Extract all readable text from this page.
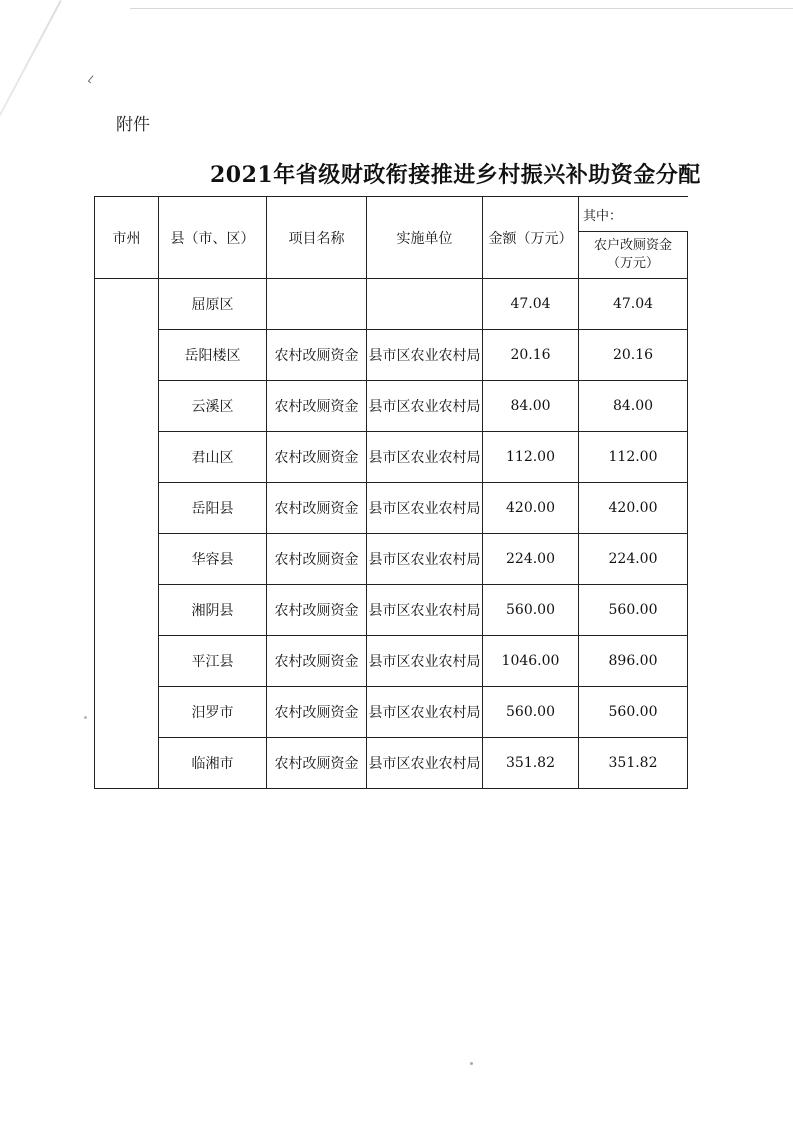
⌐
附件
2021年省级财政衔接推进乡村振兴补助资金分配
市州	县（市、区）	项目名称	实施单位	金额（万元）	其中：

					农户改厕资金
（万元）

	屈原区			47.04	47.04
	岳阳楼区	农村改厕资金	县市区农业农村局	20.16	20.16
	云溪区	农村改厕资金	县市区农业农村局	84.00	84.00
	君山区	农村改厕资金	县市区农业农村局	112.00	112.00
	岳阳县	农村改厕资金	县市区农业农村局	420.00	420.00
	华容县	农村改厕资金	县市区农业农村局	224.00	224.00
	湘阴县	农村改厕资金	县市区农业农村局	560.00	560.00
	平江县	农村改厕资金	县市区农业农村局	1046.00	896.00
	汨罗市	农村改厕资金	县市区农业农村局	560.00	560.00
	临湘市	农村改厕资金	县市区农业农村局	351.82	351.82
